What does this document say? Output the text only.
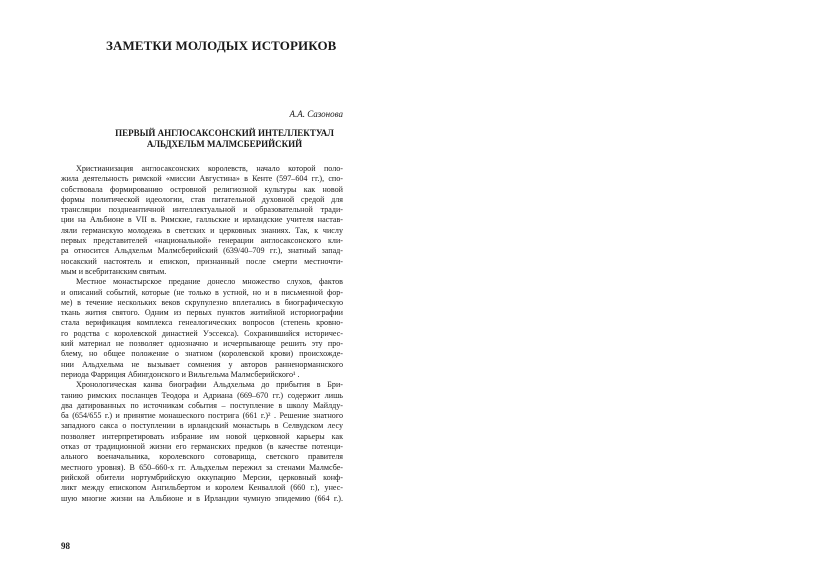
ЗАМЕТКИ МОЛОДЫХ ИСТОРИКОВ
А.А. Сазонова
ПЕРВЫЙ АНГЛОСАКСОНСКИЙ ИНТЕЛЛЕКТУАЛ
АЛЬДХЕЛЬМ МАЛМСБЕРИЙСКИЙ
Христианизация англосаксонских королевств, начало которой поло-
жила деятельность римской «миссии Августина» в Кенте (597–604 гг.), спо-
собствовала формированию островной религиозной культуры как новой
формы политической идеологии, став питательной духовной средой для
трансляции позднеантичной интеллектуальной и образовательной тради-
ции на Альбионе в VII в. Римские, галльские и ирландские учителя настав-
ляли германскую молодежь в светских и церковных знаниях. Так, к числу
первых представителей «национальной» генерации англосаксонского кли-
ра относится Альдхельм Малмсберийский (639/40–709 гг.), знатный запад-
носакский настоятель и епископ, признанный после смерти местночти-
мым и всебританским святым.
Местное монастырское предание донесло множество слухов, фактов
и описаний событий, которые (не только в устной, но и в письменной фор-
ме) в течение нескольких веков скрупулезно вплетались в биографическую
ткань жития святого. Одним из первых пунктов житийной историографии
стала верификация комплекса генеалогических вопросов (степень кровно-
го родства с королевской династией Уэссекса). Сохранившийся историчес-
кий материал не позволяет однозначно и исчерпывающе решить эту про-
блему, но общее положение о знатном (королевской крови) происхожде-
нии Альдхельма не вызывает сомнения у авторов ранненорманнского
периода Фарриция Абингдонского и Вильгельма Малмсберийского¹ .
Хронологическая канва биографии Альдхельма до прибытия в Бри-
танию римских посланцев Теодора и Адриана (669–670 гг.) содержит лишь
два датированных по источникам события – поступление в школу Майлду-
ба (654/655 г.) и принятие монашеского пострига (661 г.)² . Решение знатного
западного сакса о поступлении в ирландский монастырь в Селвудском лесу
позволяет интерпретировать избрание им новой церковной карьеры как
отказ от традиционной жизни его германских предков (в качестве потенци-
ального военачальника, королевского сотоварища, светского правителя
местного уровня). В 650–660-х гг. Альдхельм пережил за стенами Малмсбе-
рийской обители нортумбрийскую оккупацию Мерсии, церковный конф-
ликт между епископом Ангильбертом и королем Кенваллой (660 г.), унес-
шую многие жизни на Альбионе и в Ирландии чумную эпидемию (664 г.).
98
